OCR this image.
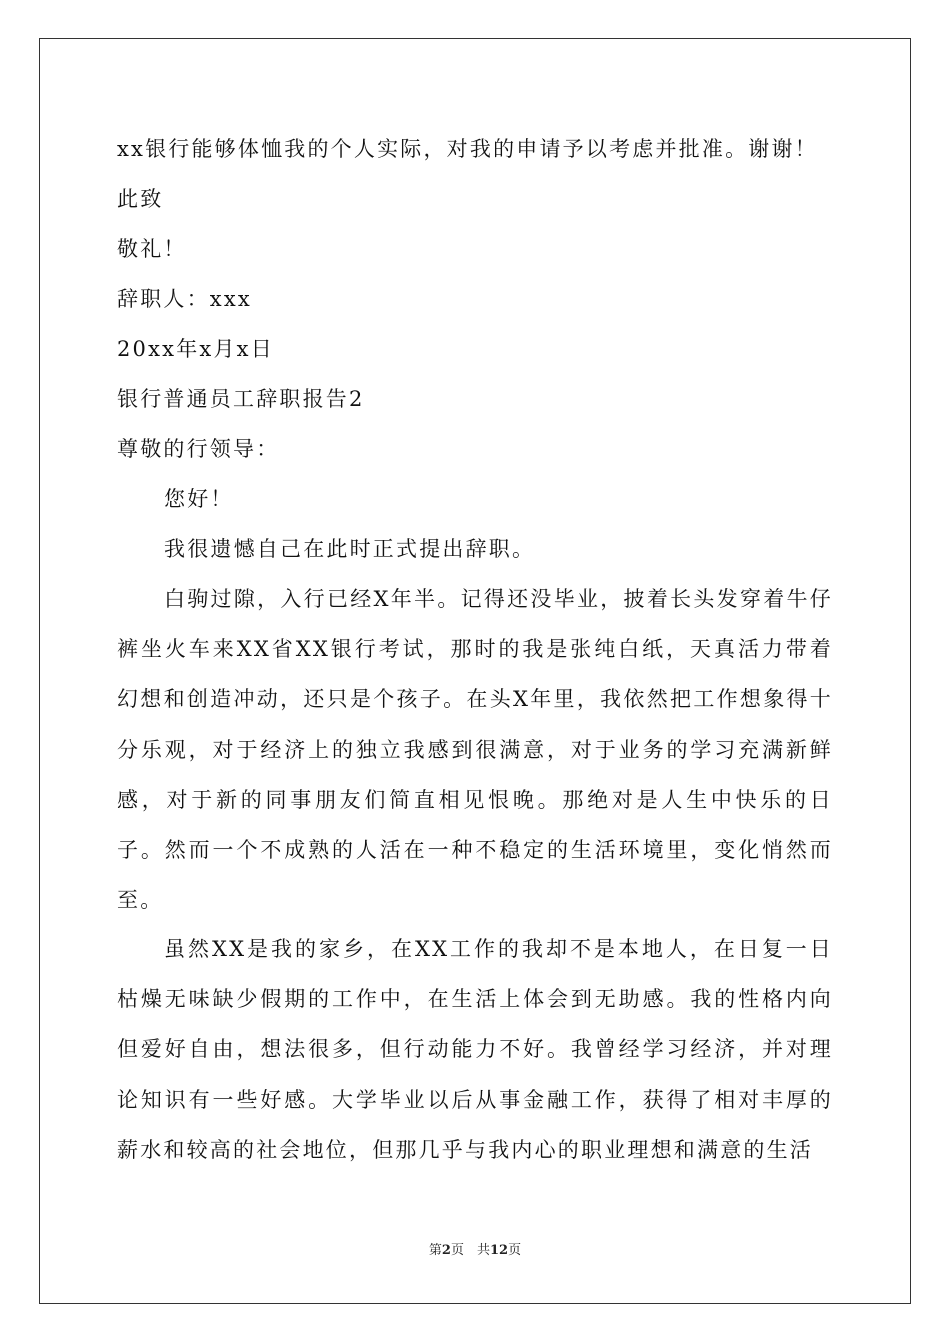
xx银行能够体恤我的个人实际，对我的申请予以考虑并批准。谢谢！
此致
敬礼！
辞职人：xxx
20xx年x月x日
银行普通员工辞职报告2
尊敬的行领导：
您好！
我很遗憾自己在此时正式提出辞职。
白驹过隙，入行已经X年半。记得还没毕业，披着长头发穿着牛仔裤坐火车来XX省XX银行考试，那时的我是张纯白纸，天真活力带着幻想和创造冲动，还只是个孩子。在头X年里，我依然把工作想象得十分乐观，对于经济上的独立我感到很满意，对于业务的学习充满新鲜感，对于新的同事朋友们简直相见恨晚。那绝对是人生中快乐的日子。然而一个不成熟的人活在一种不稳定的生活环境里，变化悄然而至。
虽然XX是我的家乡，在XX工作的我却不是本地人，在日复一日枯燥无味缺少假期的工作中，在生活上体会到无助感。我的性格内向但爱好自由，想法很多，但行动能力不好。我曾经学习经济，并对理论知识有一些好感。大学毕业以后从事金融工作，获得了相对丰厚的薪水和较高的社会地位，但那几乎与我内心的职业理想和满意的生活
第2页　共12页
